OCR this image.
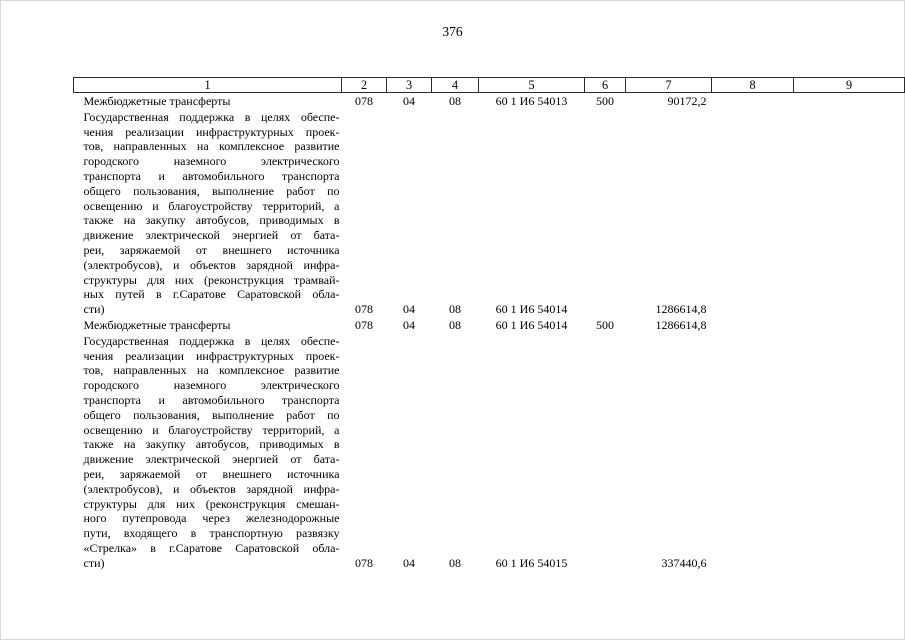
376
1	2	3	4	5	6	7	8	9

Межбюджетные трансферты	078	04	08	60 1 И6 54013	500	90172,2		

Государственная поддержка в целях обеспе-
чения реализации инфраструктурных проек-
тов, направленных на комплексное развитие
городского наземного электрического
транспорта и автомобильного транспорта
общего пользования, выполнение работ по
освещению и благоустройству территорий, а
также на закупку автобусов, приводимых в
движение электрической энергией от бата-
реи, заряжаемой от внешнего источника
(электробусов), и объектов зарядной инфра-
структуры для них (реконструкция трамвай-
ных путей в г.Саратове Саратовской обла-
сти)	078	04	08	60 1 И6 54014		1286614,8		

Межбюджетные трансферты	078	04	08	60 1 И6 54014	500	1286614,8		

Государственная поддержка в целях обеспе-
чения реализации инфраструктурных проек-
тов, направленных на комплексное развитие
городского наземного электрического
транспорта и автомобильного транспорта
общего пользования, выполнение работ по
освещению и благоустройству территорий, а
также на закупку автобусов, приводимых в
движение электрической энергией от бата-
реи, заряжаемой от внешнего источника
(электробусов), и объектов зарядной инфра-
структуры для них (реконструкция смешан-
ного путепровода через железнодорожные
пути, входящего в транспортную развязку
«Стрелка» в г.Саратове Саратовской обла-
сти)	078	04	08	60 1 И6 54015		337440,6		
